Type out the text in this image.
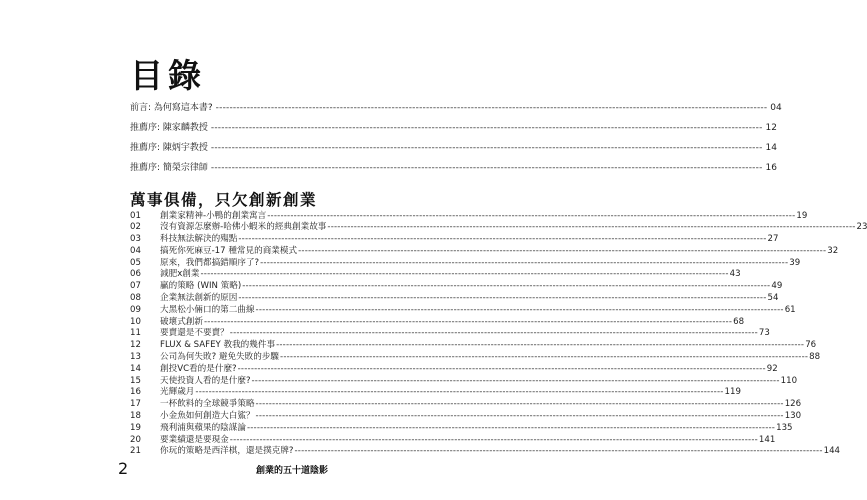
目錄
前言: 為何寫這本書? ---------------------------------------------------------------------------------------------------------------------------------------------------------------- 04
推薦序: 陳家麟教授 ---------------------------------------------------------------------------------------------------------------------------------------------------------------- 12
推薦序: 陳炳宇教授 ---------------------------------------------------------------------------------------------------------------------------------------------------------------- 14
推薦序: 簡榮宗律師 ---------------------------------------------------------------------------------------------------------------------------------------------------------------- 16
萬事俱備，只欠創新創業
01	創業家精神-小鴨的創業寓言 ---------------------------------------------------------------------------------------------------------------------------------------------------------------- 19
02	沒有資源怎麼辦-哈佛小蝦米的經典創業故事 ---------------------------------------------------------------------------------------------------------------------------------------------------------------- 23
03	科技無法解決的殤點 ---------------------------------------------------------------------------------------------------------------------------------------------------------------- 27
04	搞死你死麻豆-17 種常見的商業模式 ---------------------------------------------------------------------------------------------------------------------------------------------------------------- 32
05	原來，我們都搞錯順序了? ---------------------------------------------------------------------------------------------------------------------------------------------------------------- 39
06	減肥x創業 ---------------------------------------------------------------------------------------------------------------------------------------------------------------- 43
07	贏的策略 (WIN 策略) ---------------------------------------------------------------------------------------------------------------------------------------------------------------- 49
08	企業無法創新的原因 ---------------------------------------------------------------------------------------------------------------------------------------------------------------- 54
09	大黑松小倆口的第二曲線 ---------------------------------------------------------------------------------------------------------------------------------------------------------------- 61
10	破壞式創新 ---------------------------------------------------------------------------------------------------------------------------------------------------------------- 68
11	要賣還是不要賣？ ---------------------------------------------------------------------------------------------------------------------------------------------------------------- 73
12	FLUX & SAFEY 教我的幾件事 ---------------------------------------------------------------------------------------------------------------------------------------------------------------- 76
13	公司為何失敗? 避免失敗的步驟 ---------------------------------------------------------------------------------------------------------------------------------------------------------------- 88
14	創投VC看的是什麼? ---------------------------------------------------------------------------------------------------------------------------------------------------------------- 92
15	天使投資人看的是什麼? ---------------------------------------------------------------------------------------------------------------------------------------------------------------- 110
16	光輝歲月 ---------------------------------------------------------------------------------------------------------------------------------------------------------------- 119
17	一杯飲料的全球競爭策略 ---------------------------------------------------------------------------------------------------------------------------------------------------------------- 126
18	小金魚如何創造大白鯊？ ---------------------------------------------------------------------------------------------------------------------------------------------------------------- 130
19	飛利浦與蘋果的陰謀論 ---------------------------------------------------------------------------------------------------------------------------------------------------------------- 135
20	要業績還是要現金 ---------------------------------------------------------------------------------------------------------------------------------------------------------------- 141
21	你玩的策略是西洋棋，還是撲克牌? ---------------------------------------------------------------------------------------------------------------------------------------------------------------- 144
2	創業的五十道陰影
